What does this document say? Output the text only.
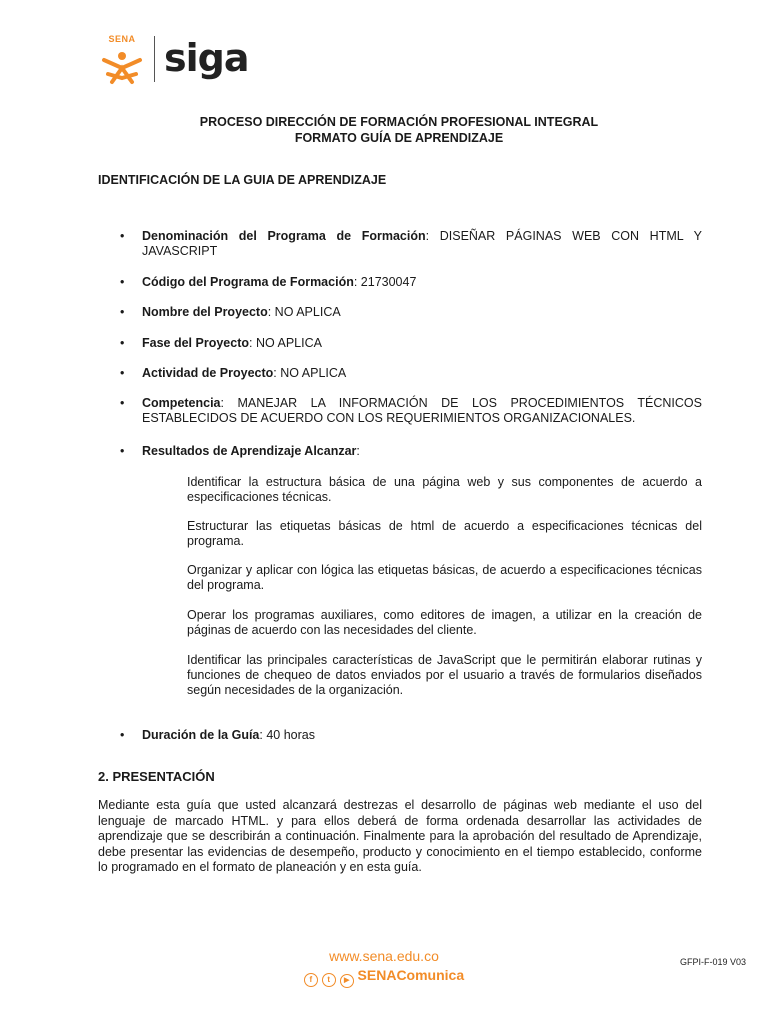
SENA siga
PROCESO DIRECCIÓN DE FORMACIÓN PROFESIONAL INTEGRAL
FORMATO GUÍA DE APRENDIZAJE
IDENTIFICACIÓN DE LA GUIA DE APRENDIZAJE
• Denominación del Programa de Formación: DISEÑAR PÁGINAS WEB CON HTML Y JAVASCRIPT
• Código del Programa de Formación: 21730047
• Nombre del Proyecto: NO APLICA
• Fase del Proyecto: NO APLICA
• Actividad de Proyecto: NO APLICA
• Competencia: MANEJAR LA INFORMACIÓN DE LOS PROCEDIMIENTOS TÉCNICOS ESTABLECIDOS DE ACUERDO CON LOS REQUERIMIENTOS ORGANIZACIONALES.
• Resultados de Aprendizaje Alcanzar:
Identificar la estructura básica de una página web y sus componentes de acuerdo a especificaciones técnicas.
Estructurar las etiquetas básicas de html de acuerdo a especificaciones técnicas del programa.
Organizar y aplicar con lógica las etiquetas básicas, de acuerdo a especificaciones técnicas del programa.
Operar los programas auxiliares, como editores de imagen, a utilizar en la creación de páginas de acuerdo con las necesidades del cliente.
Identificar las principales características de JavaScript que le permitirán elaborar rutinas y funciones de chequeo de datos enviados por el usuario a través de formularios diseñados según necesidades de la organización.
• Duración de la Guía: 40 horas
2. PRESENTACIÓN
Mediante esta guía que usted alcanzará destrezas el desarrollo de páginas web mediante el uso del lenguaje de marcado HTML. y para ellos deberá de forma ordenada desarrollar las actividades de aprendizaje que se describirán a continuación. Finalmente para la aprobación del resultado de Aprendizaje, debe presentar las evidencias de desempeño, producto y conocimiento en el tiempo establecido, conforme lo programado en el formato de planeación y en esta guía.
www.sena.edu.co
f t ▶ SENAComunica
GFPI-F-019 V03
